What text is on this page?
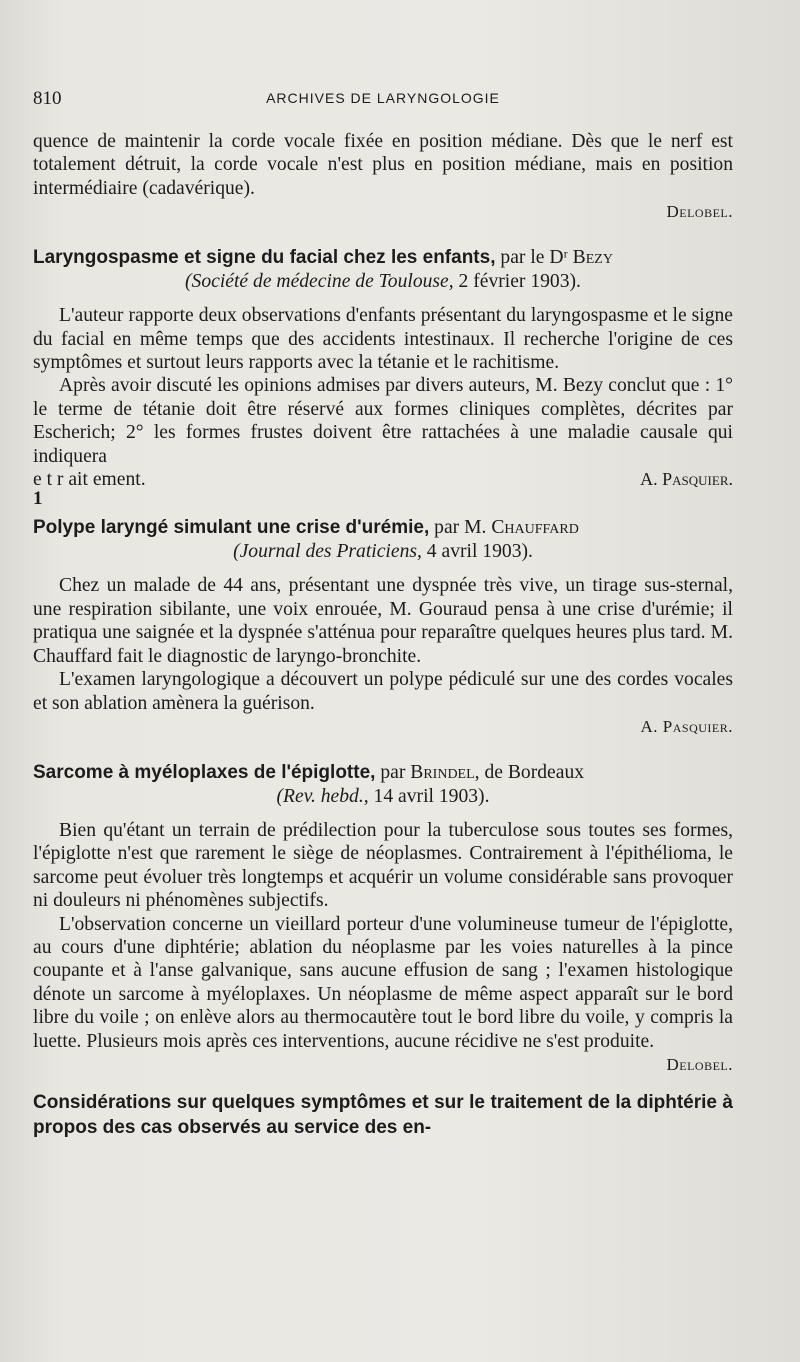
810	ARCHIVES DE LARYNGOLOGIE

quence de maintenir la corde vocale fixée en position médiane. Dès que le nerf est totalement détruit, la corde vocale n'est plus en position médiane, mais en position intermédiaire (cadavérique).

Delobel.

Laryngospasme et signe du facial chez les enfants, par le Dʳ Bezy

(Société de médecine de Toulouse, 2 février 1903).

L'auteur rapporte deux observations d'enfants présentant du laryngospasme et le signe du facial en même temps que des accidents intestinaux. Il recherche l'origine de ces symptômes et surtout leurs rapports avec la tétanie et le rachitisme.

Après avoir discuté les opinions admises par divers auteurs, M. Bezy conclut que : 1° le terme de tétanie doit être réservé aux formes cliniques complètes, décrites par Escherich; 2° les formes frustes doivent être rattachées à une maladie causale qui indiquera

e t r ait ement.	A. Pasquier.
1

Polype laryngé simulant une crise d'urémie, par M. Chauffard

(Journal des Praticiens, 4 avril 1903).

Chez un malade de 44 ans, présentant une dyspnée très vive, un tirage sus-sternal, une respiration sibilante, une voix enrouée, M. Gouraud pensa à une crise d'urémie; il pratiqua une saignée et la dyspnée s'atténua pour reparaître quelques heures plus tard. M. Chauffard fait le diagnostic de laryngo-bronchite.

L'examen laryngologique a découvert un polype pédiculé sur une des cordes vocales et son ablation amènera la guérison.

A. Pasquier.

Sarcome à myéloplaxes de l'épiglotte, par Brindel, de Bordeaux

(Rev. hebd., 14 avril 1903).

Bien qu'étant un terrain de prédilection pour la tuberculose sous toutes ses formes, l'épiglotte n'est que rarement le siège de néoplasmes. Contrairement à l'épithélioma, le sarcome peut évoluer très longtemps et acquérir un volume considérable sans provoquer ni douleurs ni phénomènes subjectifs.

L'observation concerne un vieillard porteur d'une volumineuse tumeur de l'épiglotte, au cours d'une diphtérie; ablation du néoplasme par les voies naturelles à la pince coupante et à l'anse galvanique, sans aucune effusion de sang ; l'examen histologique dénote un sarcome à myéloplaxes. Un néoplasme de même aspect apparaît sur le bord libre du voile ; on enlève alors au thermocautère tout le bord libre du voile, y compris la luette. Plusieurs mois après ces interventions, aucune récidive ne s'est produite.

Delobel.

Considérations sur quelques symptômes et sur le traitement de la diphtérie à propos des cas observés au service des en-
